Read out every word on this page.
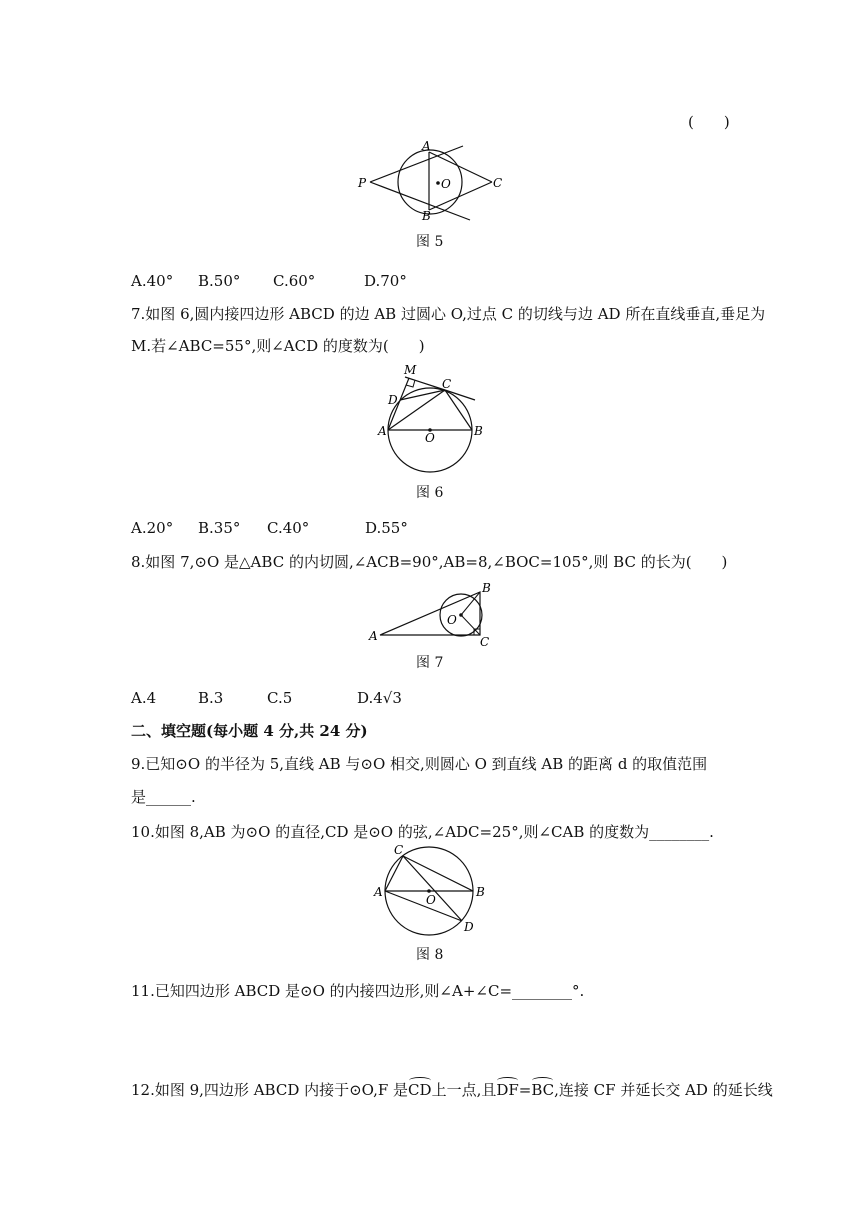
(　　)
P
A
B
O	C
图 5
A.40° B.50° C.60°	D.70°
7.如图 6,圆内接四边形 ABCD 的边 AB 过圆心 O,过点 C 的切线与边 AD 所在直线垂直,垂足为
M.若∠ABC=55°,则∠ACD 的度数为(　　)
M
D
C
A	O	B
图 6
A.20° B.35° C.40°	D.55°
8.如图 7,⊙O 是△ABC 的内切圆,∠ACB=90°,AB=8,∠BOC=105°,则 BC 的长为(　　)
A
B
C
O
图 7
A.4	B.3	C.5	D.4√3
二、填空题(每小题 4 分,共 24 分)
9.已知⊙O 的半径为 5,直线 AB 与⊙O 相交,则圆心 O 到直线 AB 的距离 d 的取值范围
是______.
10.如图 8,AB 为⊙O 的直径,CD 是⊙O 的弦,∠ADC=25°,则∠CAB 的度数为________.
C
A	B
O
D
图 8
11.已知四边形 ABCD 是⊙O 的内接四边形,则∠A+∠C=________°.
12.如图 9,四边形 ABCD 内接于⊙O,F 是CD上一点,且DF=BC,连接 CF 并延长交 AD 的延长线
